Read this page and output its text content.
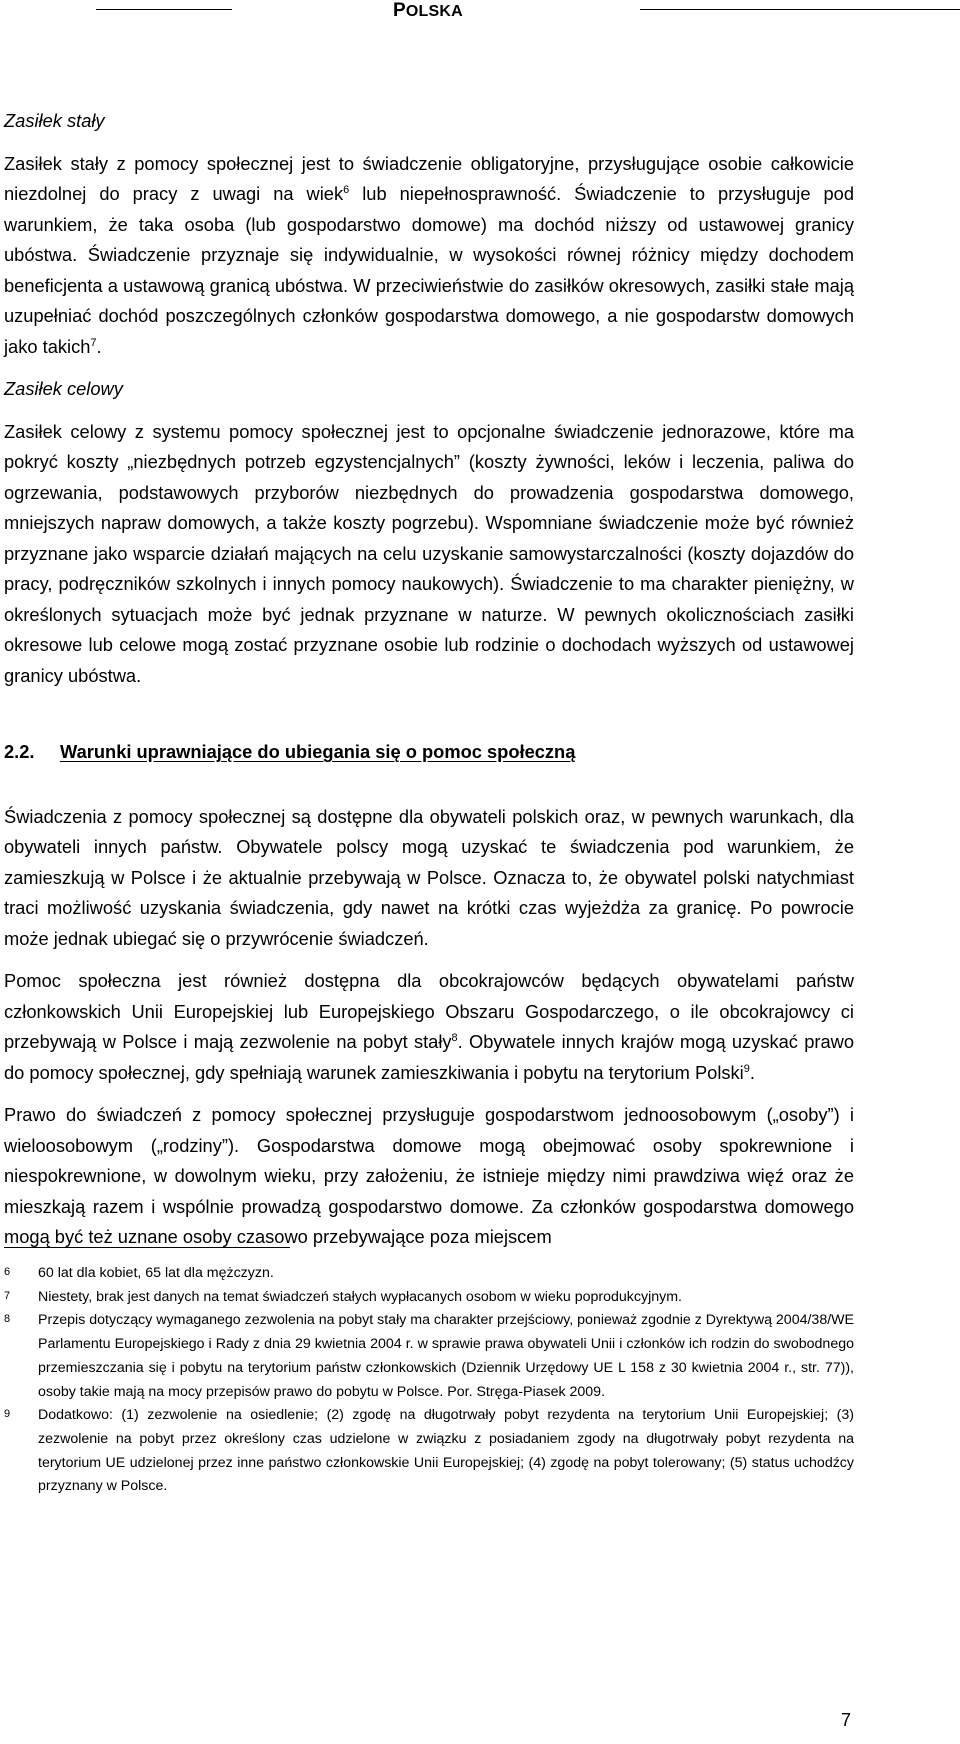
POLSKA

Zasiłek stały

Zasiłek stały z pomocy społecznej jest to świadczenie obligatoryjne, przysługujące osobie całkowicie niezdolnej do pracy z uwagi na wiek$^6$ lub niepełnosprawność. Świadczenie to przysługuje pod warunkiem, że taka osoba (lub gospodarstwo domowe) ma dochód niższy od ustawowej granicy ubóstwa. Świadczenie przyznaje się indywidualnie, w wysokości równej różnicy między dochodem beneficjenta a ustawową granicą ubóstwa. W przeciwieństwie do zasiłków okresowych, zasiłki stałe mają uzupełniać dochód poszczególnych członków gospodarstwa domowego, a nie gospodarstw domowych jako takich$^7$.

Zasiłek celowy

Zasiłek celowy z systemu pomocy społecznej jest to opcjonalne świadczenie jednorazowe, które ma pokryć koszty „niezbędnych potrzeb egzystencjalnych” (koszty żywności, leków i leczenia, paliwa do ogrzewania, podstawowych przyborów niezbędnych do prowadzenia gospodarstwa domowego, mniejszych napraw domowych, a także koszty pogrzebu). Wspomniane świadczenie może być również przyznane jako wsparcie działań mających na celu uzyskanie samowystarczalności (koszty dojazdów do pracy, podręczników szkolnych i innych pomocy naukowych). Świadczenie to ma charakter pieniężny, w określonych sytuacjach może być jednak przyznane w naturze. W pewnych okolicznościach zasiłki okresowe lub celowe mogą zostać przyznane osobie lub rodzinie o dochodach wyższych od ustawowej granicy ubóstwa.

2.2. Warunki uprawniające do ubiegania się o pomoc społeczną

Świadczenia z pomocy społecznej są dostępne dla obywateli polskich oraz, w pewnych warunkach, dla obywateli innych państw. Obywatele polscy mogą uzyskać te świadczenia pod warunkiem, że zamieszkują w Polsce i że aktualnie przebywają w Polsce. Oznacza to, że obywatel polski natychmiast traci możliwość uzyskania świadczenia, gdy nawet na krótki czas wyjeżdża za granicę. Po powrocie może jednak ubiegać się o przywrócenie świadczeń.

Pomoc społeczna jest również dostępna dla obcokrajowców będących obywatelami państw członkowskich Unii Europejskiej lub Europejskiego Obszaru Gospodarczego, o ile obcokrajowcy ci przebywają w Polsce i mają zezwolenie na pobyt stały$^8$. Obywatele innych krajów mogą uzyskać prawo do pomocy społecznej, gdy spełniają warunek zamieszkiwania i pobytu na terytorium Polski$^9$.

Prawo do świadczeń z pomocy społecznej przysługuje gospodarstwom jednoosobowym („osoby”) i wieloosobowym („rodziny”). Gospodarstwa domowe mogą obejmować osoby spokrewnione i niespokrewnione, w dowolnym wieku, przy założeniu, że istnieje między nimi prawdziwa więź oraz że mieszkają razem i wspólnie prowadzą gospodarstwo domowe. Za członków gospodarstwa domowego mogą być też uznane osoby czasowo przebywające poza miejscem

6	60 lat dla kobiet, 65 lat dla mężczyzn.
7	Niestety, brak jest danych na temat świadczeń stałych wypłacanych osobom w wieku poprodukcyjnym.
8	Przepis dotyczący wymaganego zezwolenia na pobyt stały ma charakter przejściowy, ponieważ zgodnie z Dyrektywą 2004/38/WE Parlamentu Europejskiego i Rady z dnia 29 kwietnia 2004 r. w sprawie prawa obywateli Unii i członków ich rodzin do swobodnego przemieszczania się i pobytu na terytorium państw członkowskich (Dziennik Urzędowy UE L 158 z 30 kwietnia 2004 r., str. 77)), osoby takie mają na mocy przepisów prawo do pobytu w Polsce. Por. Stręga-Piasek 2009.
9	Dodatkowo: (1) zezwolenie na osiedlenie; (2) zgodę na długotrwały pobyt rezydenta na terytorium Unii Europejskiej; (3) zezwolenie na pobyt przez określony czas udzielone w związku z posiadaniem zgody na długotrwały pobyt rezydenta na terytorium UE udzielonej przez inne państwo członkowskie Unii Europejskiej; (4) zgodę na pobyt tolerowany; (5) status uchodźcy przyznany w Polsce.
7
